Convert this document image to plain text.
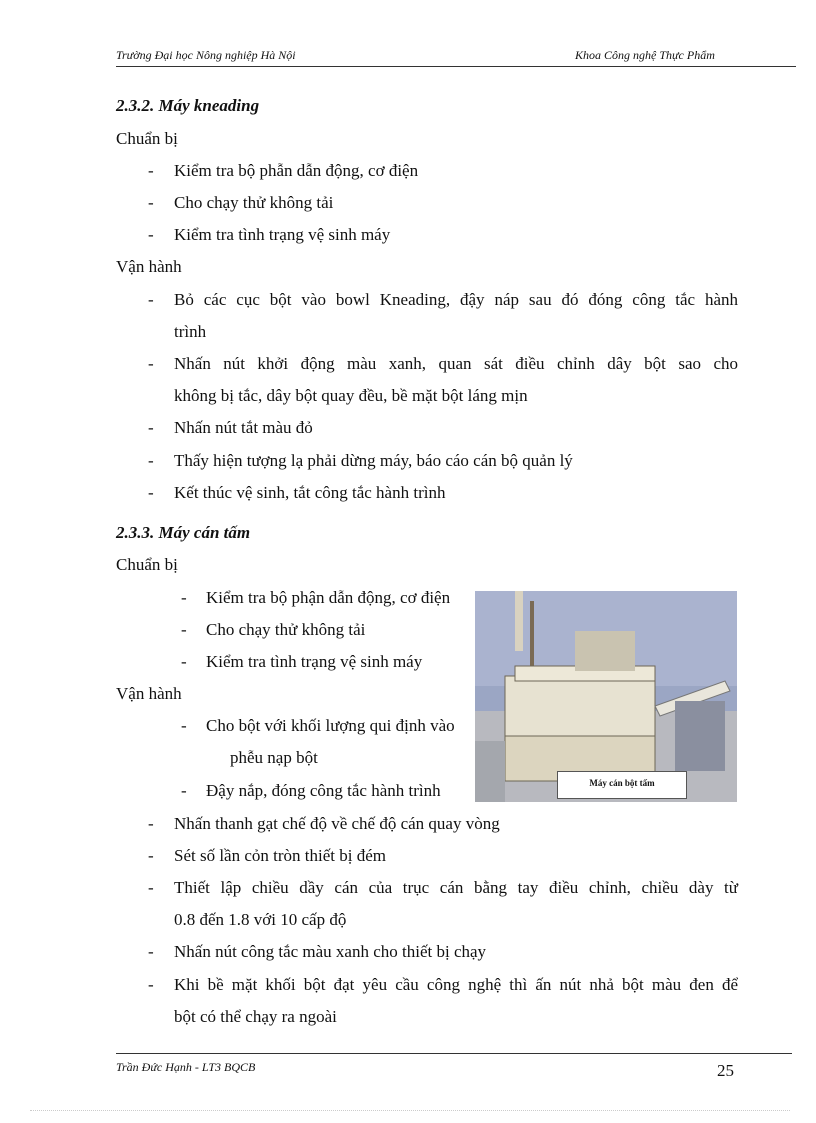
Trường Đại học Nông nghiệp Hà Nội	Khoa Công nghệ Thực Phẩm
2.3.2. Máy kneading
Chuẩn bị
- Kiểm tra bộ phẫn dẫn động, cơ điện
- Cho chạy thử không tải
- Kiểm tra tình trạng vệ sinh máy
Vận hành
- Bỏ các cục bột vào bowl Kneading, đậy náp sau đó đóng công tắc hành
trình
- Nhấn nút khởi động màu xanh, quan sát điều chỉnh dây bột sao cho
không bị tắc, dây bột quay đều, bề mặt bột láng mịn
- Nhấn nút tắt màu đỏ
- Thấy hiện tượng lạ phải dừng máy, báo cáo cán bộ quản lý
- Kết thúc vệ sinh, tắt công tắc hành trình
2.3.3. Máy cán tấm
Chuẩn bị
- Kiểm tra bộ phận dẫn động, cơ điện
- Cho chạy thử không tải
- Kiểm tra tình trạng vệ sinh máy
Vận hành
- Cho bột với khối lượng qui định vào
phễu nạp bột
- Đậy nắp, đóng công tắc hành trình	Máy cán bột tấm
- Nhấn thanh gạt chế độ về chế độ cán quay vòng
- Sét số lần cỏn tròn thiết bị đém
- Thiết lập chiều dầy cán của trục cán bằng tay điều chỉnh, chiều dày từ
0.8 đến 1.8 với 10 cấp độ
- Nhấn nút công tắc màu xanh cho thiết bị chạy
- Khi bề mặt khối bột đạt yêu cầu công nghệ thì ấn nút nhả bột màu đen để
bột có thể chạy ra ngoài
Trần Đức Hạnh - LT3 BQCB	25
